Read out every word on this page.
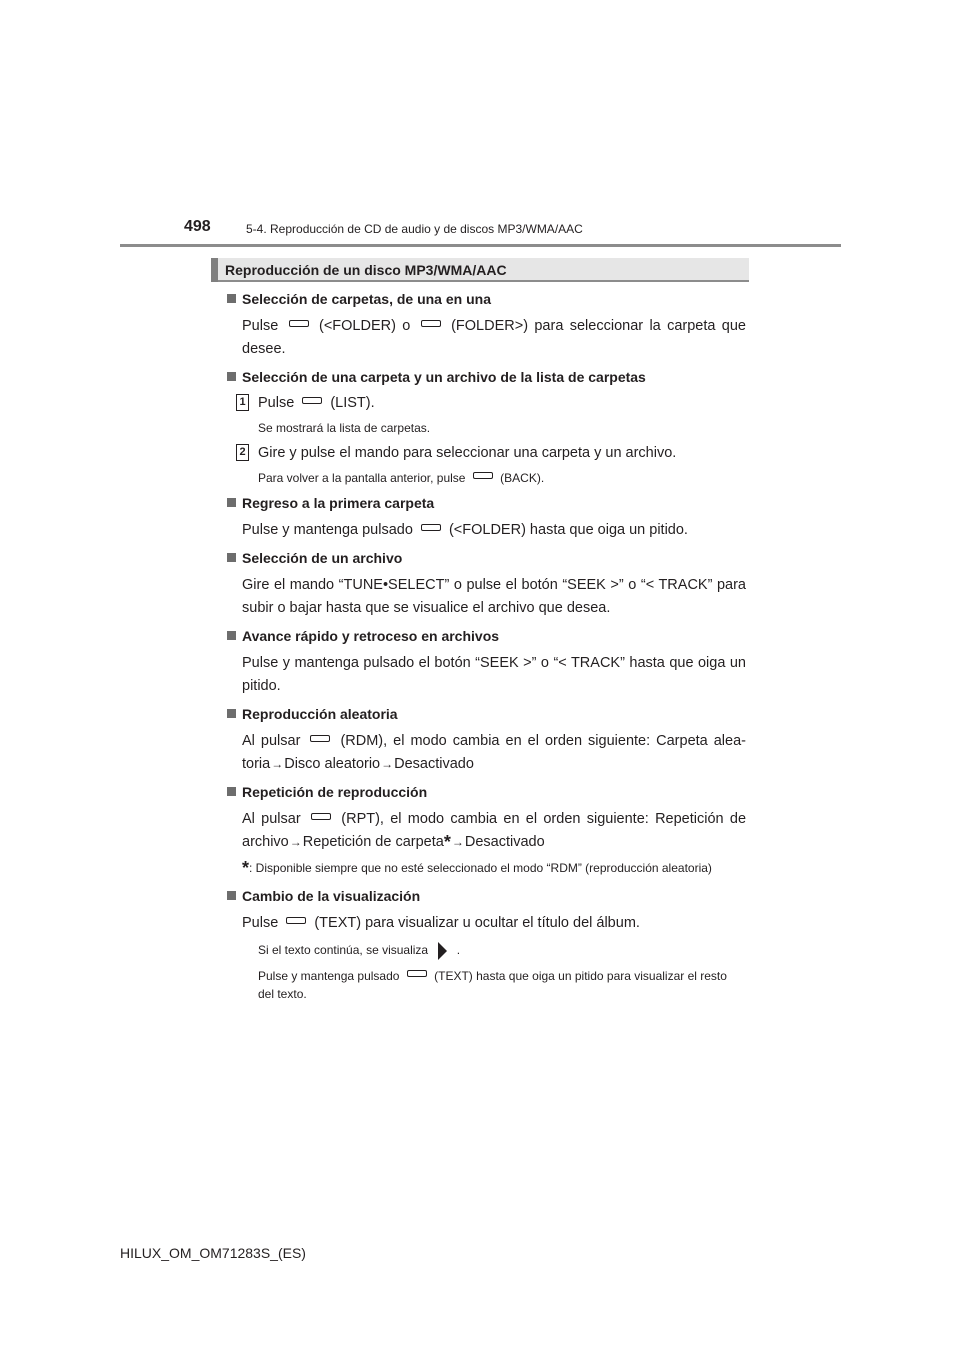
498	5-4. Reproducción de CD de audio y de discos MP3/WMA/AAC
Reproducción de un disco MP3/WMA/AAC
Selección de carpetas, de una en una
Pulse	(<FOLDER) o	(FOLDER>) para seleccionar la carpeta que desee.
Selección de una carpeta y un archivo de la lista de carpetas
1 Pulse (LIST).
Se mostrará la lista de carpetas.
2 Gire y pulse el mando para seleccionar una carpeta y un archivo.
Para volver a la pantalla anterior, pulse	(BACK).
Regreso a la primera carpeta
Pulse y mantenga pulsado (<FOLDER) hasta que oiga un pitido.
Selección de un archivo
Gire el mando “TUNE•SELECT” o pulse el botón “SEEK >” o “< TRACK” para subir o bajar hasta que se visualice el archivo que desea.
Avance rápido y retroceso en archivos
Pulse y mantenga pulsado el botón “SEEK >” o “< TRACK” hasta que oiga un pitido.
Reproducción aleatoria
Al pulsar	(RDM), el modo cambia en el orden siguiente: Carpeta alea-toria→Disco aleatorio→Desactivado
Repetición de reproducción
Al pulsar	(RPT), el modo cambia en el orden siguiente: Repetición de archivo→Repetición de carpeta*→Desactivado
*: Disponible siempre que no esté seleccionado el modo “RDM” (reproducción aleatoria)
Cambio de la visualización
Pulse (TEXT) para visualizar u ocultar el título del álbum.
Si el texto continúa, se visualiza .
Pulse y mantenga pulsado	(TEXT) hasta que oiga un pitido para visualizar el resto del texto.
HILUX_OM_OM71283S_(ES)
